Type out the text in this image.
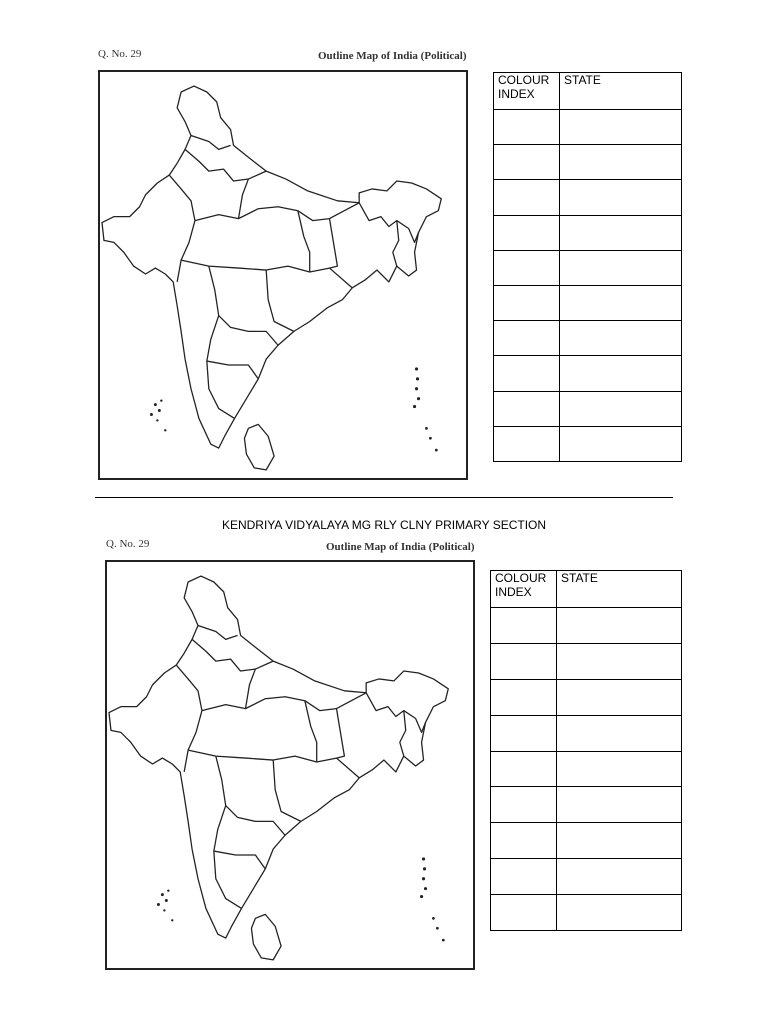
Q. No. 29	Outline Map of India (Political)
COLOUR INDEX	STATE

KENDRIYA VIDYALAYA MG RLY CLNY PRIMARY SECTION
Q. No. 29	Outline Map of India (Political)
COLOUR INDEX	STATE
